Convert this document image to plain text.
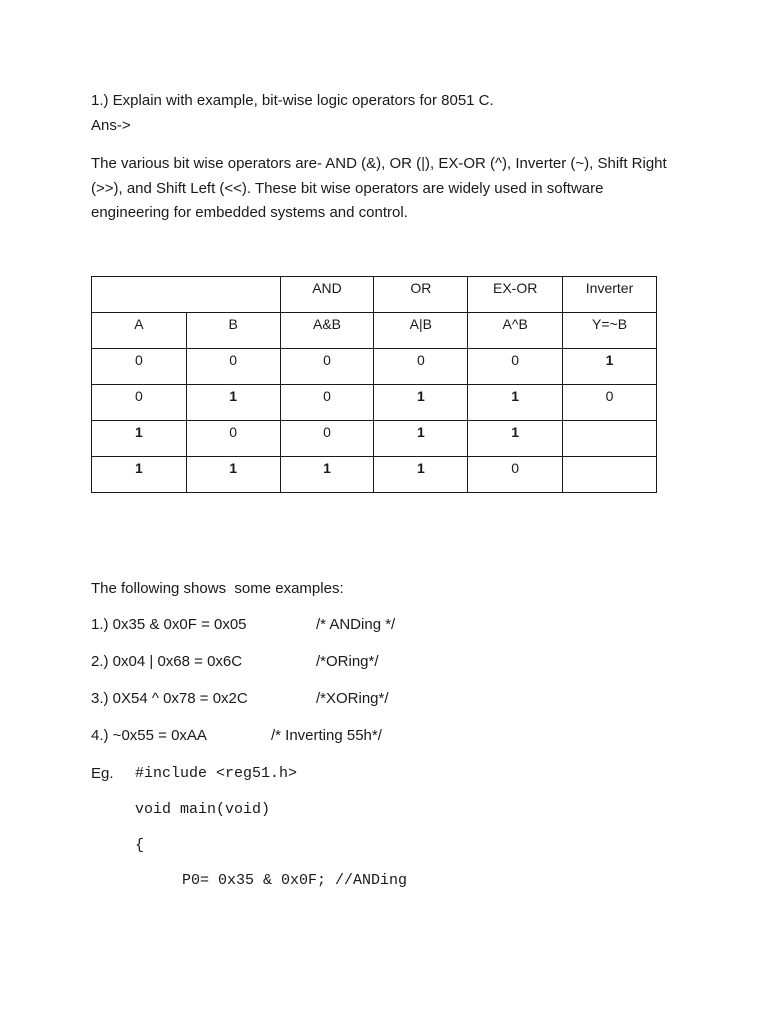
1.) Explain with example, bit-wise logic operators for 8051 C.
Ans->
The various bit wise operators are- AND (&), OR (|), EX-OR (^), Inverter (~), Shift Right (>>), and Shift Left (<<). These bit wise operators are widely used in software engineering for embedded systems and control.
		AND	OR	EX-OR	Inverter
A	B	A&B	A|B	A^B	Y=~B
0	0	0	0	0	1
0	1	0	1	1	0
1	0	0	1	1	
1	1	1	1	0	
The following shows  some examples:
1.) 0x35 & 0x0F = 0x05	/* ANDing */
2.) 0x04 | 0x68 = 0x6C	/*ORing*/
3.) 0X54 ^ 0x78 = 0x2C	/*XORing*/
4.) ~0x55 = 0xAA	/* Inverting 55h*/
Eg. #include <reg51.h>
void main(void)
{
P0= 0x35 & 0x0F; //ANDing
